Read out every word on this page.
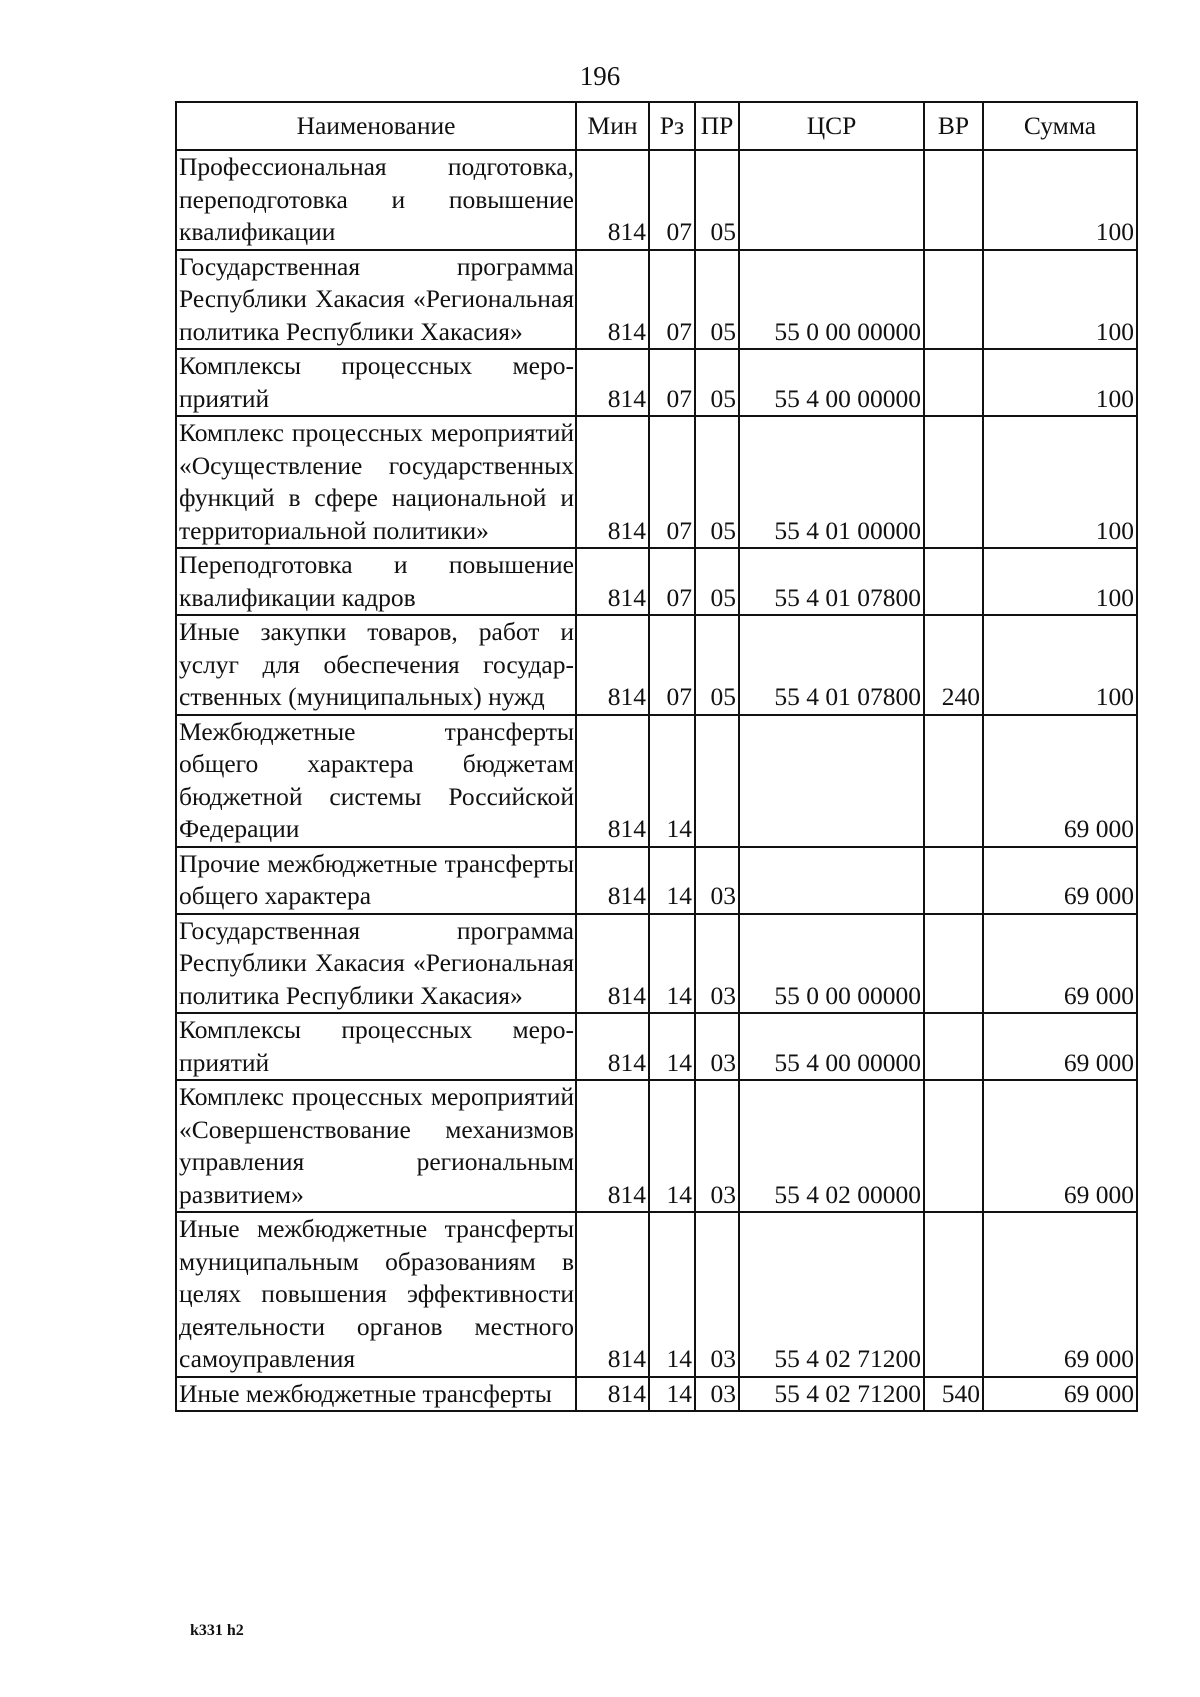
196
Наименование	Мин	Рз	ПР	ЦСР	ВР	Сумма
Профессиональная подготовка, переподготовка и повышение квалификации	814	07	05			100
Государственная программа Республики Хакасия «Региональная политика Республики Хакасия»	814	07	05	55 0 00 00000		100
Комплексы процессных мероприятий	814	07	05	55 4 00 00000		100
Комплекс процессных мероприятий «Осуществление государственных функций в сфере национальной и территориальной политики»	814	07	05	55 4 01 00000		100
Переподготовка и повышение квалификации кадров	814	07	05	55 4 01 07800		100
Иные закупки товаров, работ и услуг для обеспечения государственных (муниципальных) нужд	814	07	05	55 4 01 07800	240	100
Межбюджетные трансферты общего характера бюджетам бюджетной системы Российской Федерации	814	14				69 000
Прочие межбюджетные трансферты общего характера	814	14	03			69 000
Государственная программа Республики Хакасия «Региональная политика Республики Хакасия»	814	14	03	55 0 00 00000		69 000
Комплексы процессных мероприятий	814	14	03	55 4 00 00000		69 000
Комплекс процессных мероприятий «Совершенствование механизмов управления региональным развитием»	814	14	03	55 4 02 00000		69 000
Иные межбюджетные трансферты муниципальным образованиям в целях повышения эффективности деятельности органов местного самоуправления	814	14	03	55 4 02 71200		69 000
Иные межбюджетные трансферты	814	14	03	55 4 02 71200	540	69 000
k331 h2
